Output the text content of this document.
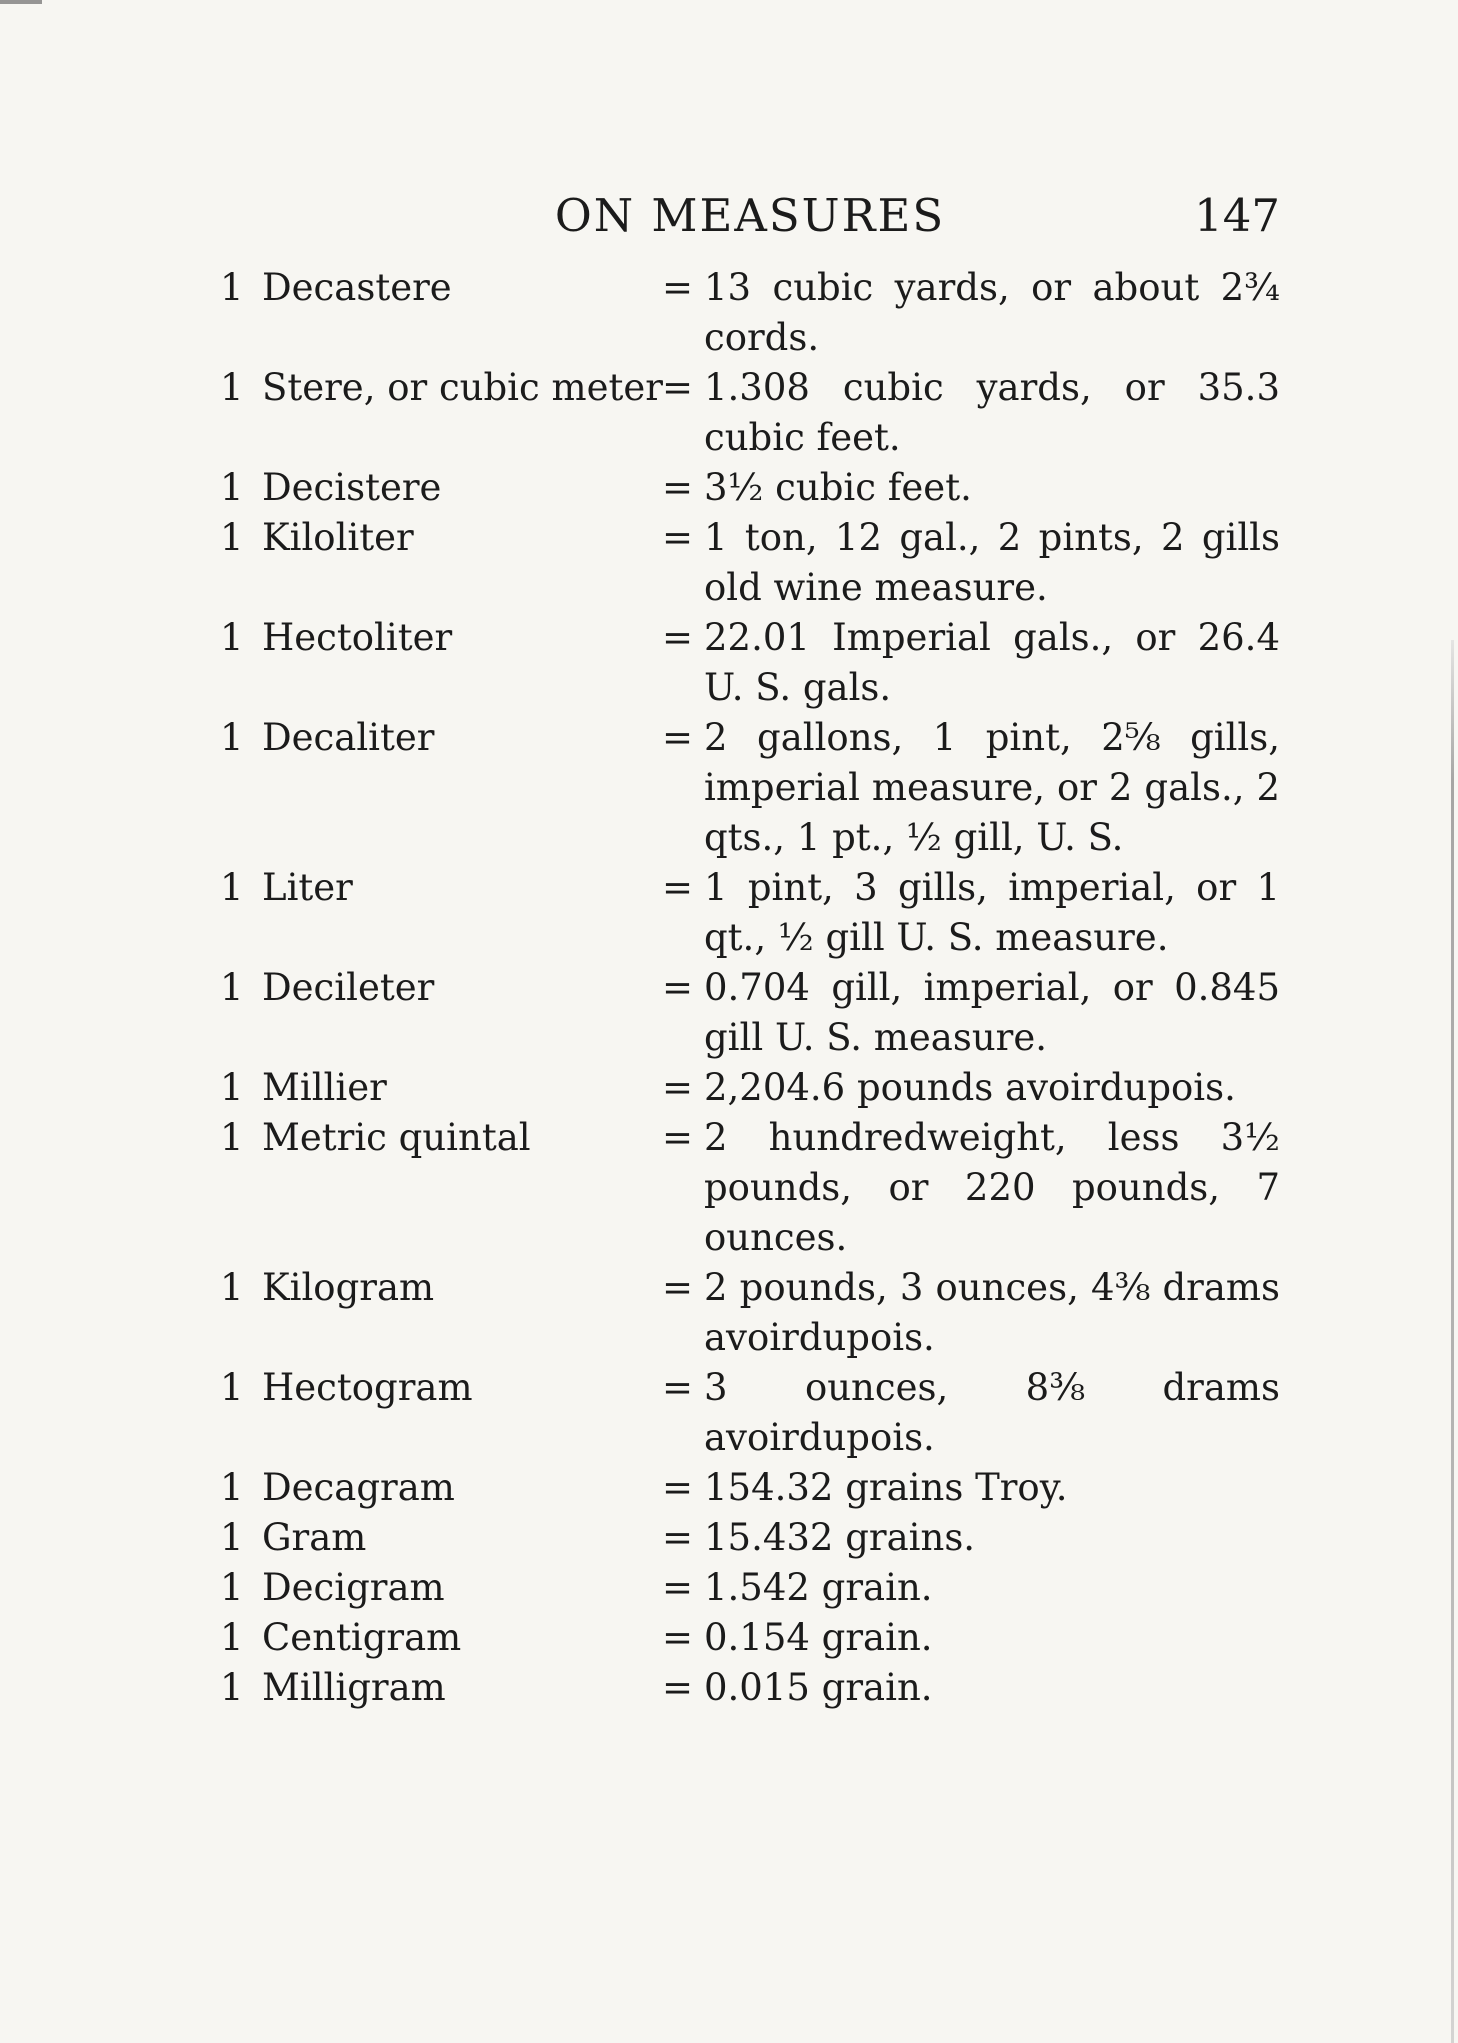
ON MEASURES	147
1 Decastere	= 13 cubic yards, or about 2¾ cords.
1 Stere, or cubic meter = 1.308 cubic yards, or 35.3 cubic feet.
1 Decistere	= 3½ cubic feet.
1 Kiloliter	= 1 ton, 12 gal., 2 pints, 2 gills old wine measure.
1 Hectoliter	= 22.01 Imperial gals., or 26.4 U. S. gals.
1 Decaliter	= 2 gallons, 1 pint, 2⅝ gills, imperial measure, or 2 gals., 2 qts., 1 pt., ½ gill, U. S.
1 Liter	= 1 pint, 3 gills, imperial, or 1 qt., ½ gill U. S. measure.
1 Decileter	= 0.704 gill, imperial, or 0.845 gill U. S. measure.
1 Millier	= 2,204.6 pounds avoirdupois.
1 Metric quintal	= 2 hundredweight, less 3½ pounds, or 220 pounds, 7 ounces.
1 Kilogram	= 2 pounds, 3 ounces, 4⅜ drams avoirdupois.
1 Hectogram	= 3 ounces, 8⅜ drams avoirdupois.
1 Decagram	= 154.32 grains Troy.
1 Gram	= 15.432 grains.
1 Decigram	= 1.542 grain.
1 Centigram	= 0.154 grain.
1 Milligram	= 0.015 grain.
